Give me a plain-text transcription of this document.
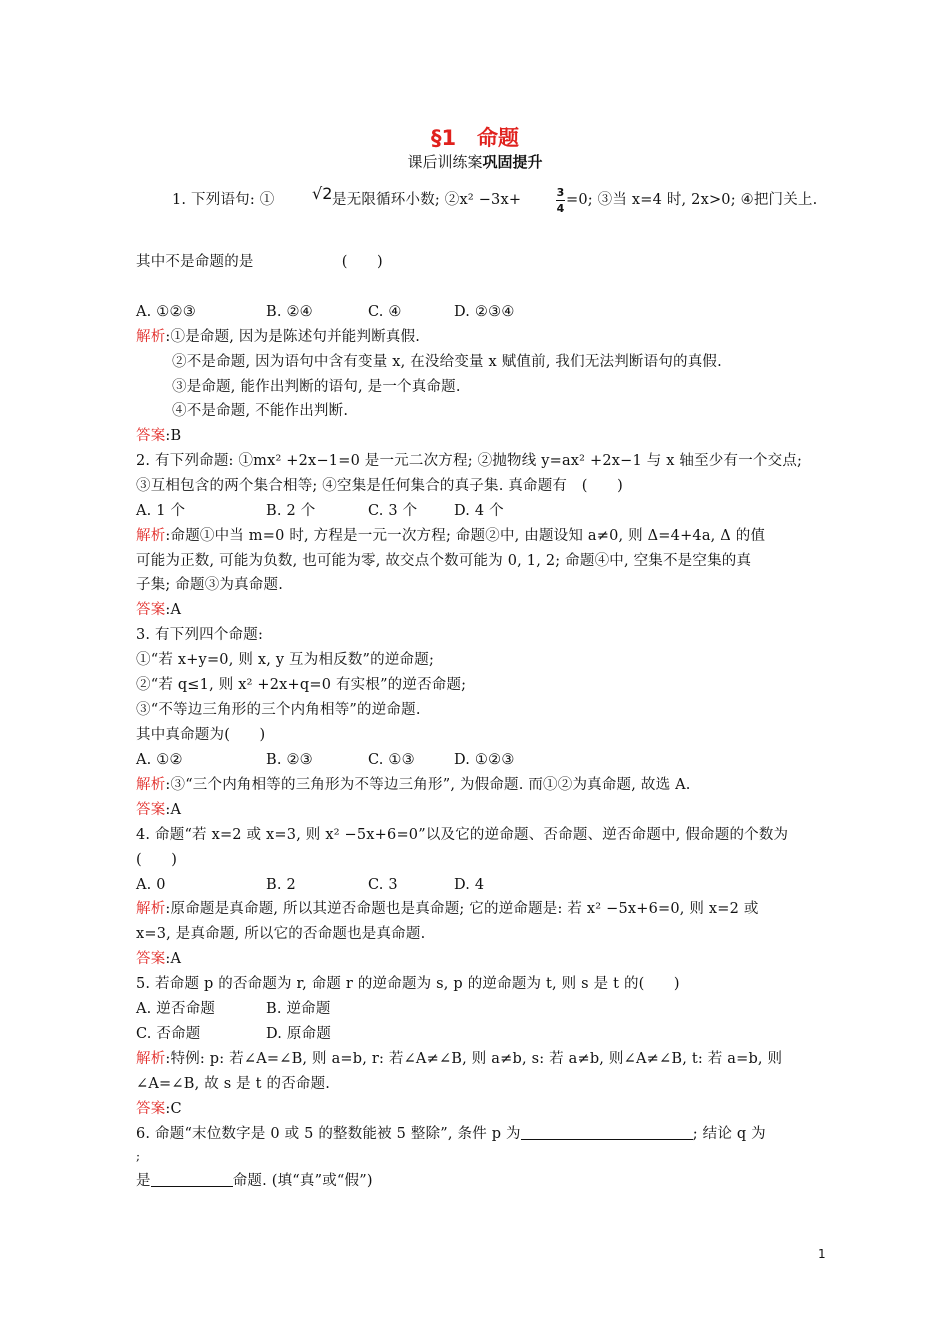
§1　命题
课后训练案巩固提升
1. 下列语句: ①	√2 是无限循环小数; ②x² −3x+	3
4
=0; ③当 x=4 时, 2x>0; ④把门关上.
其中不是命题的是　　　　　　(　　)
A. ①②③	B. ②④	C. ④	D. ②③④
解析:①是命题, 因为是陈述句并能判断真假.
②不是命题, 因为语句中含有变量 x, 在没给变量 x 赋值前, 我们无法判断语句的真假.
③是命题, 能作出判断的语句, 是一个真命题.
④不是命题, 不能作出判断.
答案:B
2. 有下列命题: ①mx² +2x−1=0 是一元二次方程; ②抛物线 y=ax² +2x−1 与 x 轴至少有一个交点;
③互相包含的两个集合相等; ④空集是任何集合的真子集. 真命题有　(　　)
A. 1 个	B. 2 个	C. 3 个	D. 4 个
解析:命题①中当 m=0 时, 方程是一元一次方程; 命题②中, 由题设知 a≠0, 则 Δ=4+4a, Δ 的值
可能为正数, 可能为负数, 也可能为零, 故交点个数可能为 0, 1, 2; 命题④中, 空集不是空集的真
子集; 命题③为真命题.
答案:A
3. 有下列四个命题:
①“若 x+y=0, 则 x, y 互为相反数”的逆命题;
②“若 q≤1, 则 x² +2x+q=0 有实根”的逆否命题;
③“不等边三角形的三个内角相等”的逆命题.
其中真命题为(　　)
A. ①②	B. ②③	C. ①③	D. ①②③
解析:③“三个内角相等的三角形为不等边三角形”, 为假命题. 而①②为真命题, 故选 A.
答案:A
4. 命题“若 x=2 或 x=3, 则 x² −5x+6=0”以及它的逆命题、否命题、逆否命题中, 假命题的个数为
(　　)
A. 0	B. 2	C. 3	D. 4
解析:原命题是真命题, 所以其逆否命题也是真命题; 它的逆命题是: 若 x² −5x+6=0, 则 x=2 或
x=3, 是真命题, 所以它的否命题也是真命题.
答案:A
5. 若命题 p 的否命题为 r, 命题 r 的逆命题为 s, p 的逆命题为 t, 则 s 是 t 的(　　)
A. 逆否命题	B. 逆命题
C. 否命题	D. 原命题
解析:特例: p: 若∠A=∠B, 则 a=b, r: 若∠A≠∠B, 则 a≠b, s: 若 a≠b, 则∠A≠∠B, t: 若 a=b, 则
∠A=∠B, 故 s 是 t 的否命题.
答案:C
6. 命题“末位数字是 0 或 5 的整数能被 5 整除”, 条件 p 为	; 结论 q 为
;
是	命题. (填“真”或“假”)
1
